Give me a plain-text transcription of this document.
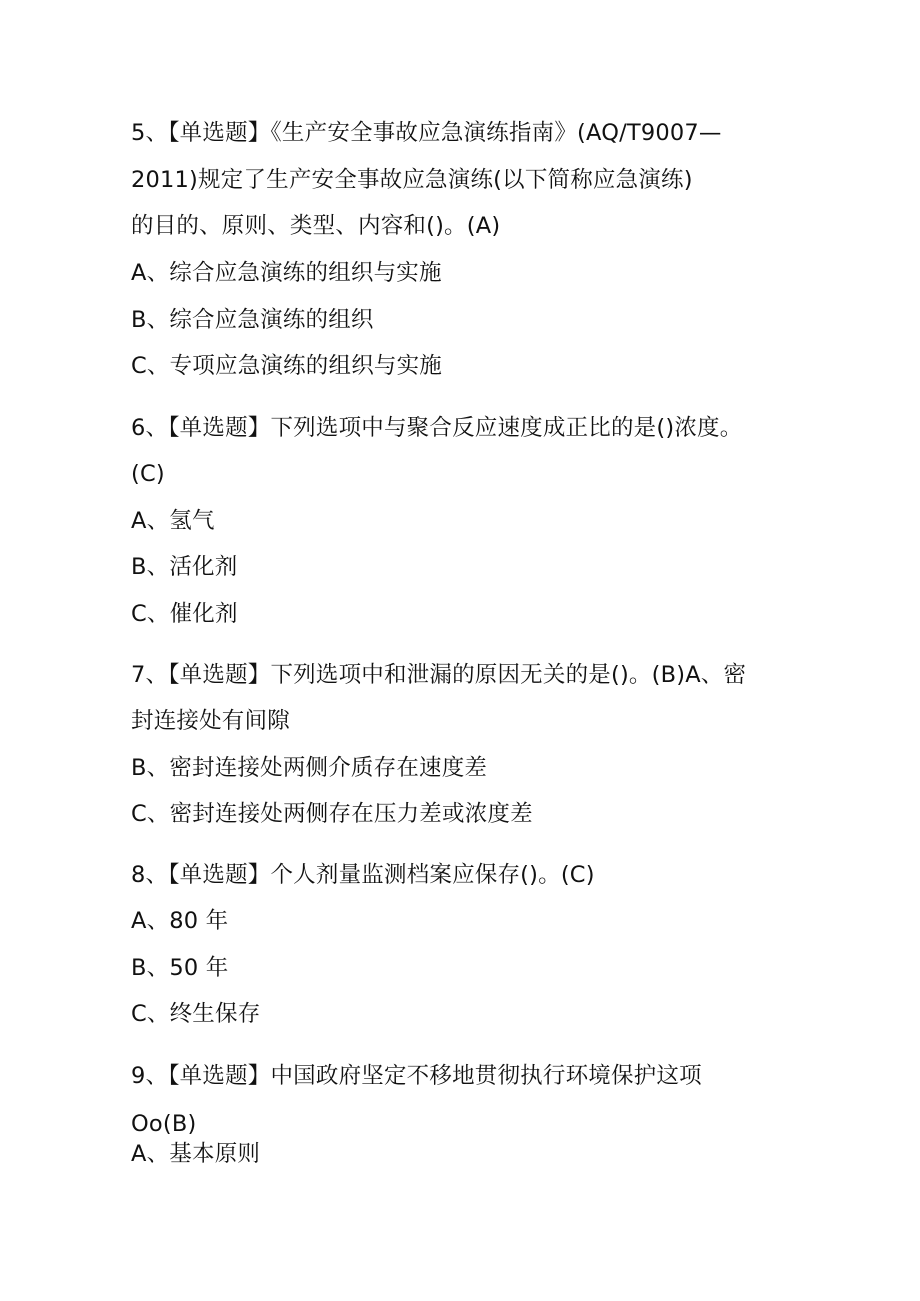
5、【单选题】《生产安全事故应急演练指南》(AQ/T9007—
2011)规定了生产安全事故应急演练(以下简称应急演练)
的目的、原则、类型、内容和()。(A)
A、综合应急演练的组织与实施
B、综合应急演练的组织
C、专项应急演练的组织与实施
6、【单选题】下列选项中与聚合反应速度成正比的是()浓度。
(C)
A、氢气
B、活化剂
C、催化剂
7、【单选题】下列选项中和泄漏的原因无关的是()。(B)A、密
封连接处有间隙
B、密封连接处两侧介质存在速度差
C、密封连接处两侧存在压力差或浓度差
8、【单选题】个人剂量监测档案应保存()。(C)
A、80 年
B、50 年
C、终生保存
9、【单选题】中国政府坚定不移地贯彻执行环境保护这项
Oo(B)
A、基本原则
